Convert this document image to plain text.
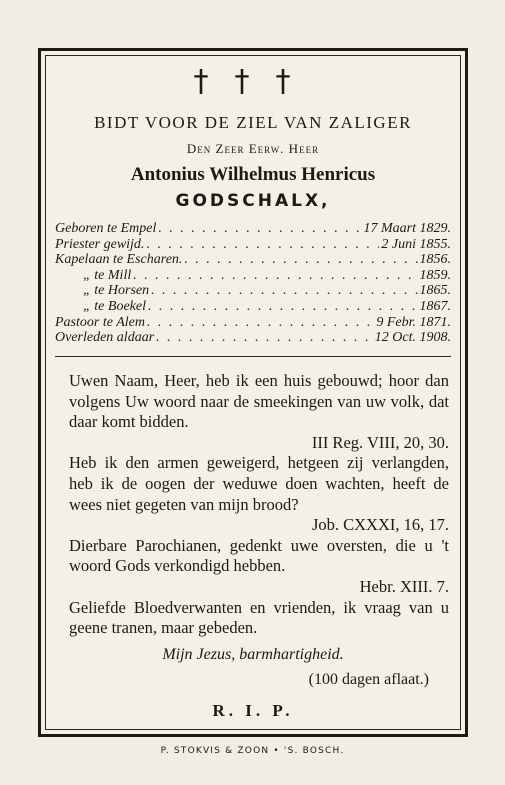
† † †
BIDT VOOR DE ZIEL VAN ZALIGER
Den Zeer Eerw. Heer
Antonius Wilhelmus Henricus
GODSCHALX,
Geboren te Empel . . .	17 Maart 1829.
Priester gewijd. . . .	2 Juni 1855.
Kapelaan te Escharen. . . .	1856.
„ te Mill . . .	1859.
„ te Horsen . . .	1865.
„ te Boekel . . .	1867.
Pastoor te Alem . . .	9 Febr. 1871.
Overleden aldaar . . .	12 Oct. 1908.

Uwen Naam, Heer, heb ik een huis gebouwd; hoor dan volgens Uw woord naar de smeekingen van uw volk, dat daar komt bidden.

III Reg. VIII, 20, 30.

Heb ik den armen geweigerd, hetgeen zij verlangden, heb ik de oogen der weduwe doen wachten, heeft de wees niet gegeten van mijn brood?

Job. CXXXI, 16, 17.

Dierbare Parochianen, gedenkt uwe oversten, die u 't woord Gods verkondigd hebben.

Hebr. XIII. 7.

Geliefde Bloedverwanten en vrienden, ik vraag van u geene tranen, maar gebeden.

Mijn Jezus, barmhartigheid.
(100 dagen aflaat.)
R. I. P.
P. STOKVIS & ZOON • 'S. BOSCH.
